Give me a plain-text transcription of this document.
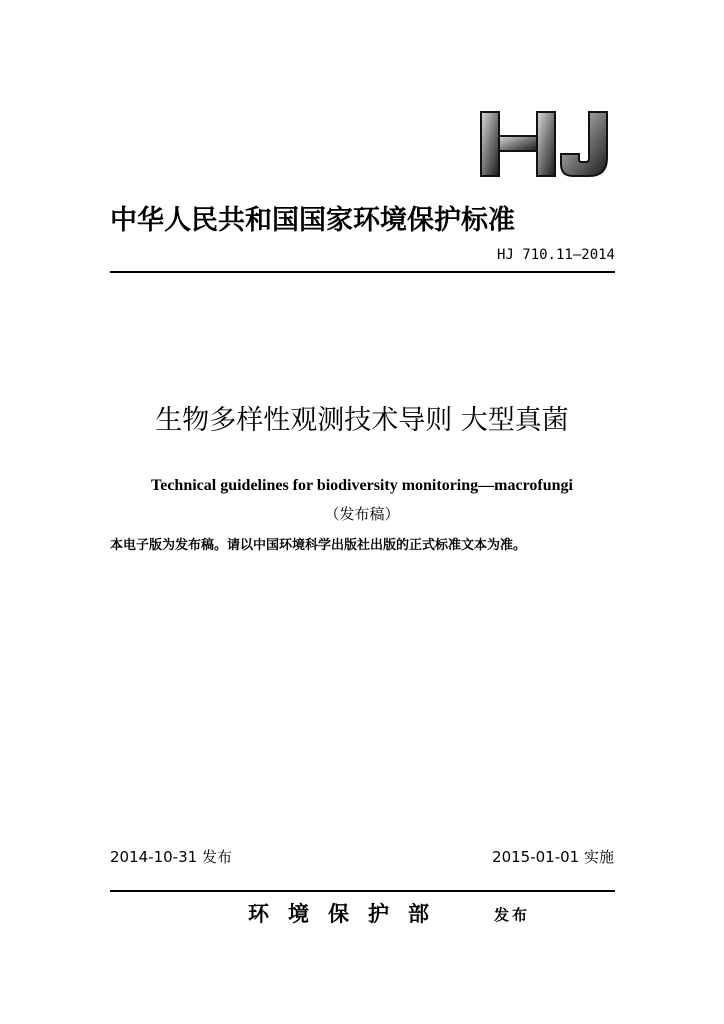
中华人民共和国国家环境保护标准
HJ 710.11—2014
生物多样性观测技术导则 大型真菌
Technical guidelines for biodiversity monitoring—macrofungi
（发布稿）
本电子版为发布稿。请以中国环境科学出版社出版的正式标准文本为准。
2014-10-31 发布	2015-01-01 实施
环境保护部	发布
